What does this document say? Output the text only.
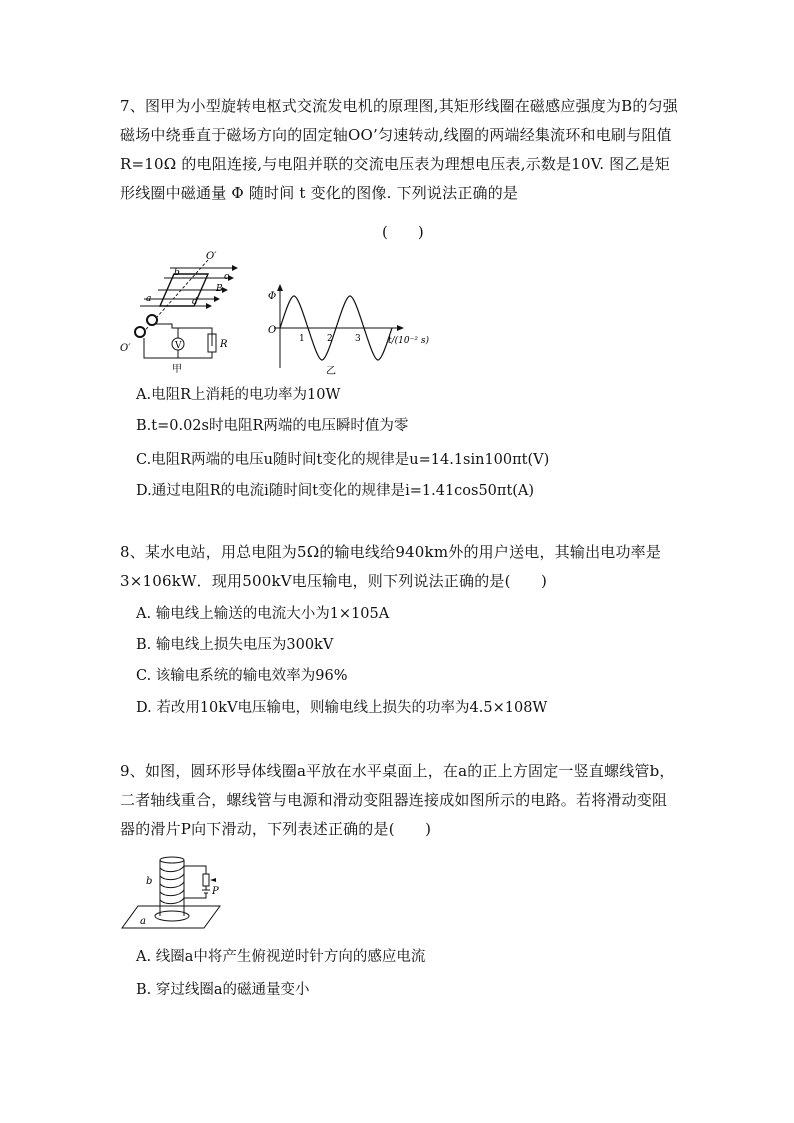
7、图甲为小型旋转电枢式交流发电机的原理图,其矩形线圈在磁感应强度为B的匀强磁场中绕垂直于磁场方向的固定轴OO’匀速转动,线圈的两端经集流环和电刷与阻值R=10Ω 的电阻连接,与电阻并联的交流电压表为理想电压表,示数是10V. 图乙是矩形线圈中磁通量 Φ 随时间 t 变化的图像. 下列说法正确的是

(　　)
V	R
O′
O′
b	c
B
a	d
甲
Φ
O
1 2 3	t/(10⁻² s)
乙
A.电阻R上消耗的电功率为10W
B.t=0.02s时电阻R两端的电压瞬时值为零
C.电阻R两端的电压u随时间t变化的规律是u=14.1sin100πt(V)
D.通过电阻R的电流i随时间t变化的规律是i=1.41cos50πt(A)

8、某水电站，用总电阻为5Ω的输电线给940km外的用户送电，其输出电功率是3×106kW．现用500kV电压输电，则下列说法正确的是(　　)

A. 输电线上输送的电流大小为1×105A
B. 输电线上损失电压为300kV
C. 该输电系统的输电效率为96%
D. 若改用10kV电压输电，则输电线上损失的功率为4.5×108W

9、如图，圆环形导体线圈a平放在水平桌面上，在a的正上方固定一竖直螺线管b，二者轴线重合，螺线管与电源和滑动变阻器连接成如图所示的电路。若将滑动变阻器的滑片P向下滑动，下列表述正确的是(　　)

b
a
P
A. 线圈a中将产生俯视逆时针方向的感应电流
B. 穿过线圈a的磁通量变小
